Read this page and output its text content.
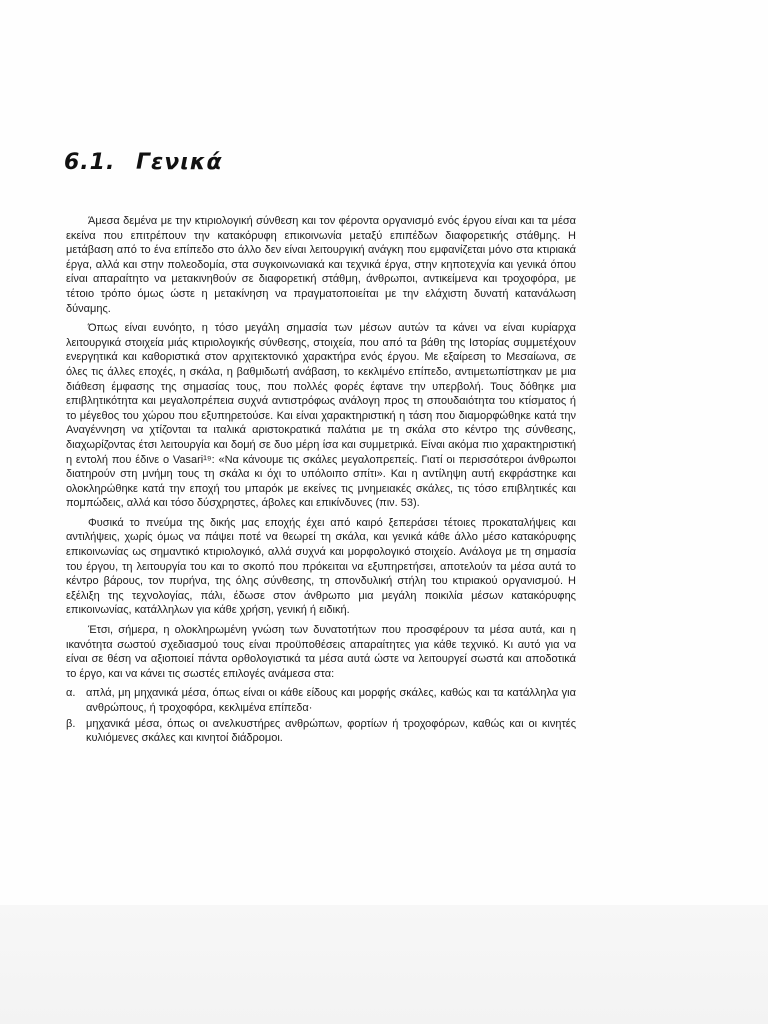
6.1. Γενικά

Άμεσα δεμένα με την κτιριολογική σύνθεση και τον φέροντα οργανισμό ενός έργου είναι και τα μέσα εκείνα που επιτρέπουν την κατακόρυφη επικοινωνία μεταξύ επιπέδων διαφορετικής στάθμης. Η μετάβαση από το ένα επίπεδο στο άλλο δεν είναι λειτουργική ανάγκη που εμφανίζεται μόνο στα κτιριακά έργα, αλλά και στην πολεοδομία, στα συγκοινωνιακά και τεχνικά έργα, στην κηποτεχνία και γενικά όπου είναι απαραίτητο να μετακινηθούν σε διαφορετική στάθμη, άνθρωποι, αντικείμενα και τροχοφόρα, με τέτοιο τρόπο όμως ώστε η μετακίνηση να πραγματοποιείται με την ελάχιστη δυνατή κατανάλωση δύναμης.

Όπως είναι ευνόητο, η τόσο μεγάλη σημασία των μέσων αυτών τα κάνει να είναι κυρίαρχα λειτουργικά στοιχεία μιάς κτιριολογικής σύνθεσης, στοιχεία, που από τα βάθη της Ιστορίας συμμετέχουν ενεργητικά και καθοριστικά στον αρχιτεκτονικό χαρακτήρα ενός έργου. Με εξαίρεση το Μεσαίωνα, σε όλες τις άλλες εποχές, η σκάλα, η βαθμιδωτή ανάβαση, το κεκλιμένο επίπεδο, αντιμετωπίστηκαν με μια διάθεση έμφασης της σημασίας τους, που πολλές φορές έφτανε την υπερβολή. Τους δόθηκε μια επιβλητικότητα και μεγαλοπρέπεια συχνά αντιστρόφως ανάλογη προς τη σπουδαιότητα του κτίσματος ή το μέγεθος του χώρου που εξυπηρετούσε. Και είναι χαρακτηριστική η τάση που διαμορφώθηκε κατά την Αναγέννηση να χτίζονται τα ιταλικά αριστοκρατικά παλάτια με τη σκάλα στο κέντρο της σύνθεσης, διαχωρίζοντας έτσι λειτουργία και δομή σε δυο μέρη ίσα και συμμετρικά. Είναι ακόμα πιο χαρακτηριστική η εντολή που έδινε ο Vasari¹⁹: «Να κάνουμε τις σκάλες μεγαλοπρεπείς. Γιατί οι περισσότεροι άνθρωποι διατηρούν στη μνήμη τους τη σκάλα κι όχι το υπόλοιπο σπίτι». Και η αντίληψη αυτή εκφράστηκε και ολοκληρώθηκε κατά την εποχή του μπαρόκ με εκείνες τις μνημειακές σκάλες, τις τόσο επιβλητικές και πομπώδεις, αλλά και τόσο δύσχρηστες, άβολες και επικίνδυνες (πιν. 53).

Φυσικά το πνεύμα της δικής μας εποχής έχει από καιρό ξεπεράσει τέτοιες προκαταλήψεις και αντιλήψεις, χωρίς όμως να πάψει ποτέ να θεωρεί τη σκάλα, και γενικά κάθε άλλο μέσο κατακόρυφης επικοινωνίας ως σημαντικό κτιριολογικό, αλλά συχνά και μορφολογικό στοιχείο. Ανάλογα με τη σημασία του έργου, τη λειτουργία του και το σκοπό που πρόκειται να εξυπηρετήσει, αποτελούν τα μέσα αυτά το κέντρο βάρους, τον πυρήνα, της όλης σύνθεσης, τη σπονδυλική στήλη του κτιριακού οργανισμού. Η εξέλιξη της τεχνολογίας, πάλι, έδωσε στον άνθρωπο μια μεγάλη ποικιλία μέσων κατακόρυφης επικοινωνίας, κατάλληλων για κάθε χρήση, γενική ή ειδική.

Έτσι, σήμερα, η ολοκληρωμένη γνώση των δυνατοτήτων που προσφέρουν τα μέσα αυτά, και η ικανότητα σωστού σχεδιασμού τους είναι προϋποθέσεις απαραίτητες για κάθε τεχνικό. Κι αυτό για να είναι σε θέση να αξιοποιεί πάντα ορθολογιστικά τα μέσα αυτά ώστε να λειτουργεί σωστά και αποδοτικά το έργο, και να κάνει τις σωστές επιλογές ανάμεσα στα:

α. απλά, μη μηχανικά μέσα, όπως είναι οι κάθε είδους και μορφής σκάλες, καθώς και τα κατάλληλα για ανθρώπους, ή τροχοφόρα, κεκλιμένα επίπεδα·
β. μηχανικά μέσα, όπως οι ανελκυστήρες ανθρώπων, φορτίων ή τροχοφόρων, καθώς και οι κινητές κυλιόμενες σκάλες και κινητοί διάδρομοι.
